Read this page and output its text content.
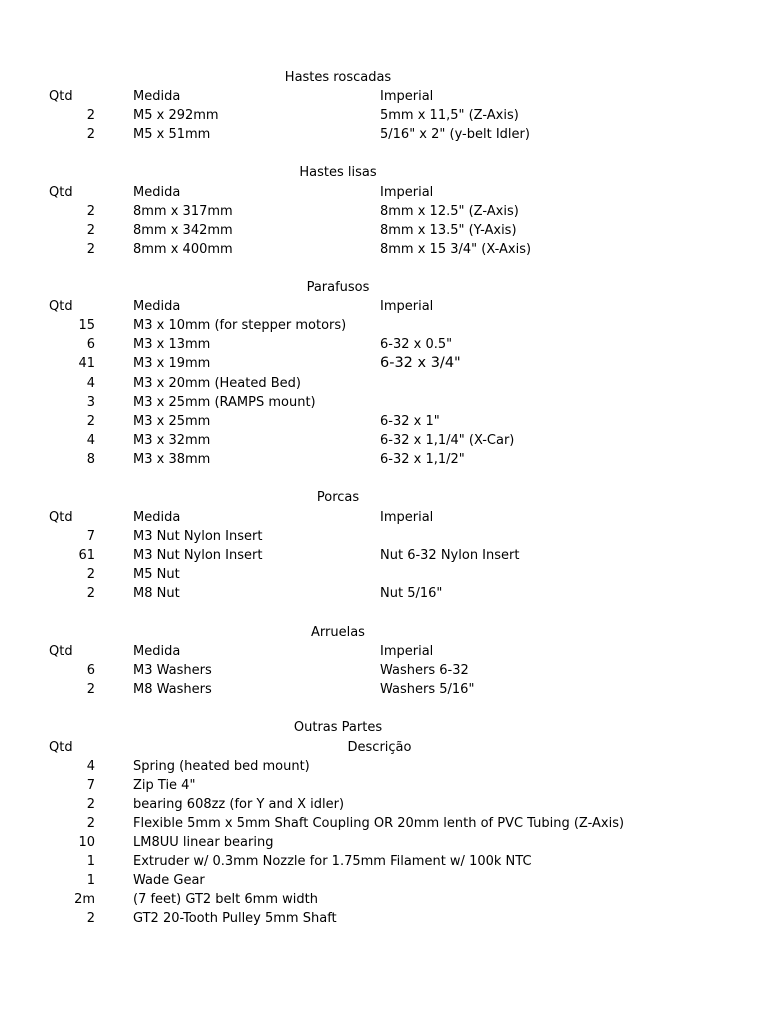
Hastes roscadas
Qtd	Medida	Imperial
2	M5 x 292mm	5mm x 11,5" (Z-Axis)
2	M5 x 51mm	5/16" x 2" (y-belt Idler)
Hastes lisas
Qtd	Medida	Imperial
2	8mm x 317mm	8mm x 12.5" (Z-Axis)
2	8mm x 342mm	8mm x 13.5" (Y-Axis)
2	8mm x 400mm	8mm x 15 3/4" (X-Axis)
Parafusos
Qtd	Medida	Imperial
15	M3 x 10mm (for stepper motors)
6	M3 x 13mm	6-32 x 0.5"
41	M3 x 19mm	6-32 x 3/4"
4	M3 x 20mm (Heated Bed)
3	M3 x 25mm (RAMPS mount)
2	M3 x 25mm	6-32 x 1"
4	M3 x 32mm	6-32 x 1,1/4" (X-Car)
8	M3 x 38mm	6-32 x 1,1/2"
Porcas
Qtd	Medida	Imperial
7	M3 Nut Nylon Insert
61	M3 Nut Nylon Insert	Nut 6-32 Nylon Insert
2	M5 Nut
2	M8 Nut	Nut 5/16"
Arruelas
Qtd	Medida	Imperial
6	M3 Washers	Washers 6-32
2	M8 Washers	Washers 5/16"
Outras Partes
Qtd	Descrição
4	Spring (heated bed mount)
7	Zip Tie 4"
2	bearing 608zz (for Y and X idler)
2	Flexible 5mm x 5mm Shaft Coupling OR 20mm lenth of PVC Tubing (Z-Axis)
10	LM8UU linear bearing
1	Extruder w/ 0.3mm Nozzle for 1.75mm Filament w/ 100k NTC
1	Wade Gear
2m	(7 feet) GT2 belt 6mm width
2	GT2 20-Tooth Pulley 5mm Shaft
